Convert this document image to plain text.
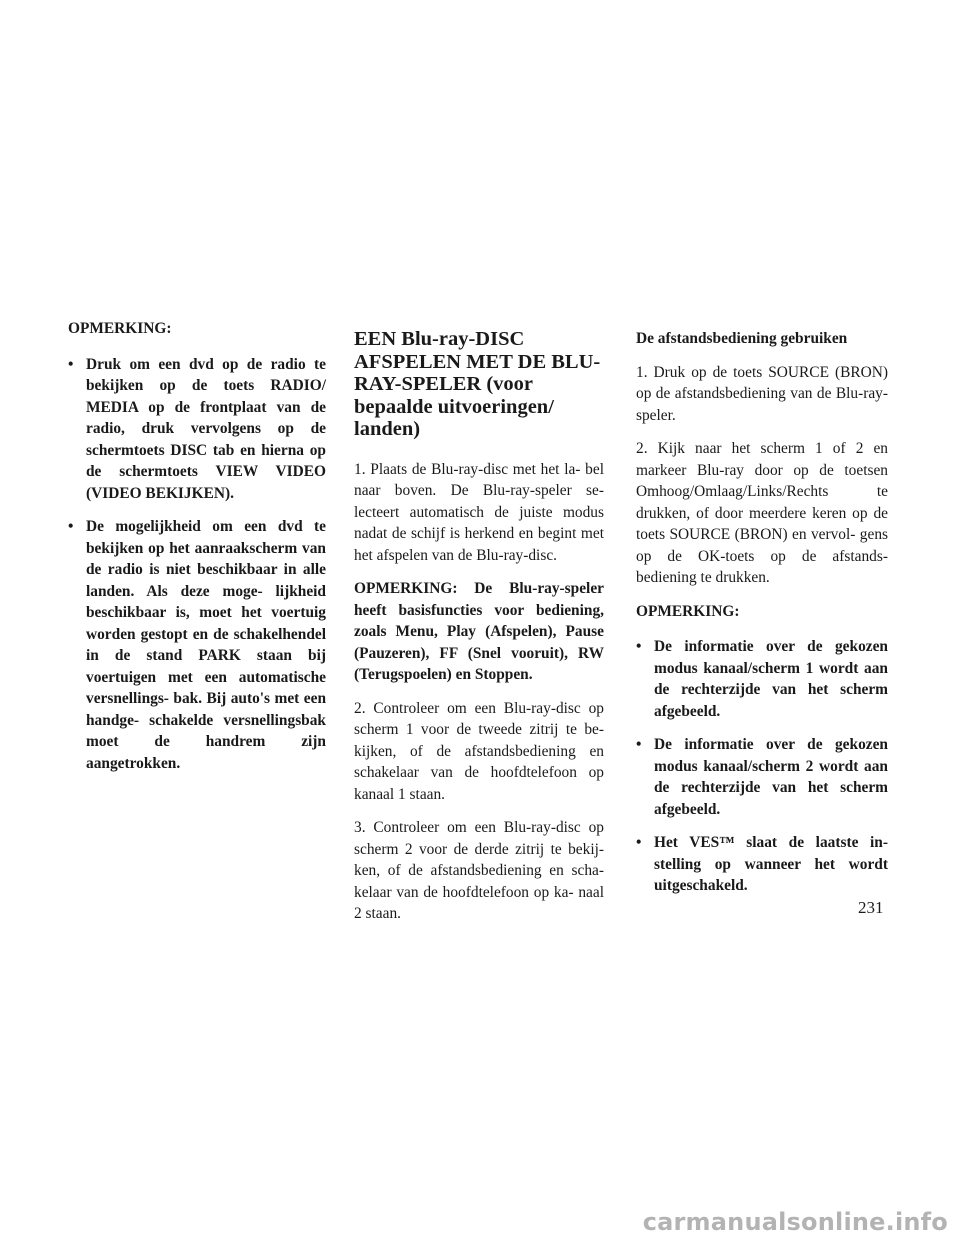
OPMERKING:
• Druk om een dvd op de radio te bekijken op de toets RADIO/ MEDIA op de frontplaat van de radio, druk vervolgens op de schermtoets DISC tab en hierna op de schermtoets VIEW VIDEO (VIDEO BEKIJKEN).
• De mogelijkheid om een dvd te bekijken op het aanraakscherm van de radio is niet beschikbaar in alle landen. Als deze moge- lijkheid beschikbaar is, moet het voertuig worden gestopt en de schakelhendel in de stand PARK staan bij voertuigen met een automatische versnellings- bak. Bij auto's met een handge- schakelde versnellingsbak moet de handrem zijn aangetrokken.
EEN Blu-ray-DISC AFSPELEN MET DE BLU-RAY-SPELER (voor bepaalde uitvoeringen/ landen)

1. Plaats de Blu-ray-disc met het la- bel naar boven. De Blu-ray-speler se- lecteert automatisch de juiste modus nadat de schijf is herkend en begint met het afspelen van de Blu-ray-disc.

OPMERKING: De Blu-ray-speler heeft basisfuncties voor bediening, zoals Menu, Play (Afspelen), Pause (Pauzeren), FF (Snel vooruit), RW (Terugspoelen) en Stoppen.

2. Controleer om een Blu-ray-disc op scherm 1 voor de tweede zitrij te be- kijken, of de afstandsbediening en schakelaar van de hoofdtelefoon op kanaal 1 staan.

3. Controleer om een Blu-ray-disc op scherm 2 voor de derde zitrij te bekij- ken, of de afstandsbediening en scha- kelaar van de hoofdtelefoon op ka- naal 2 staan.

De afstandsbediening gebruiken

1. Druk op de toets SOURCE (BRON) op de afstandsbediening van de Blu-ray-speler.

2. Kijk naar het scherm 1 of 2 en markeer Blu-ray door op de toetsen Omhoog/Omlaag/Links/Rechts te drukken, of door meerdere keren op de toets SOURCE (BRON) en vervol- gens op de OK-toets op de afstands- bediening te drukken.

OPMERKING:
• De informatie over de gekozen modus kanaal/scherm 1 wordt aan de rechterzijde van het scherm afgebeeld.
• De informatie over de gekozen modus kanaal/scherm 2 wordt aan de rechterzijde van het scherm afgebeeld.
• Het VES™ slaat de laatste in- stelling op wanneer het wordt uitgeschakeld.
231
carmanualsonline.info
